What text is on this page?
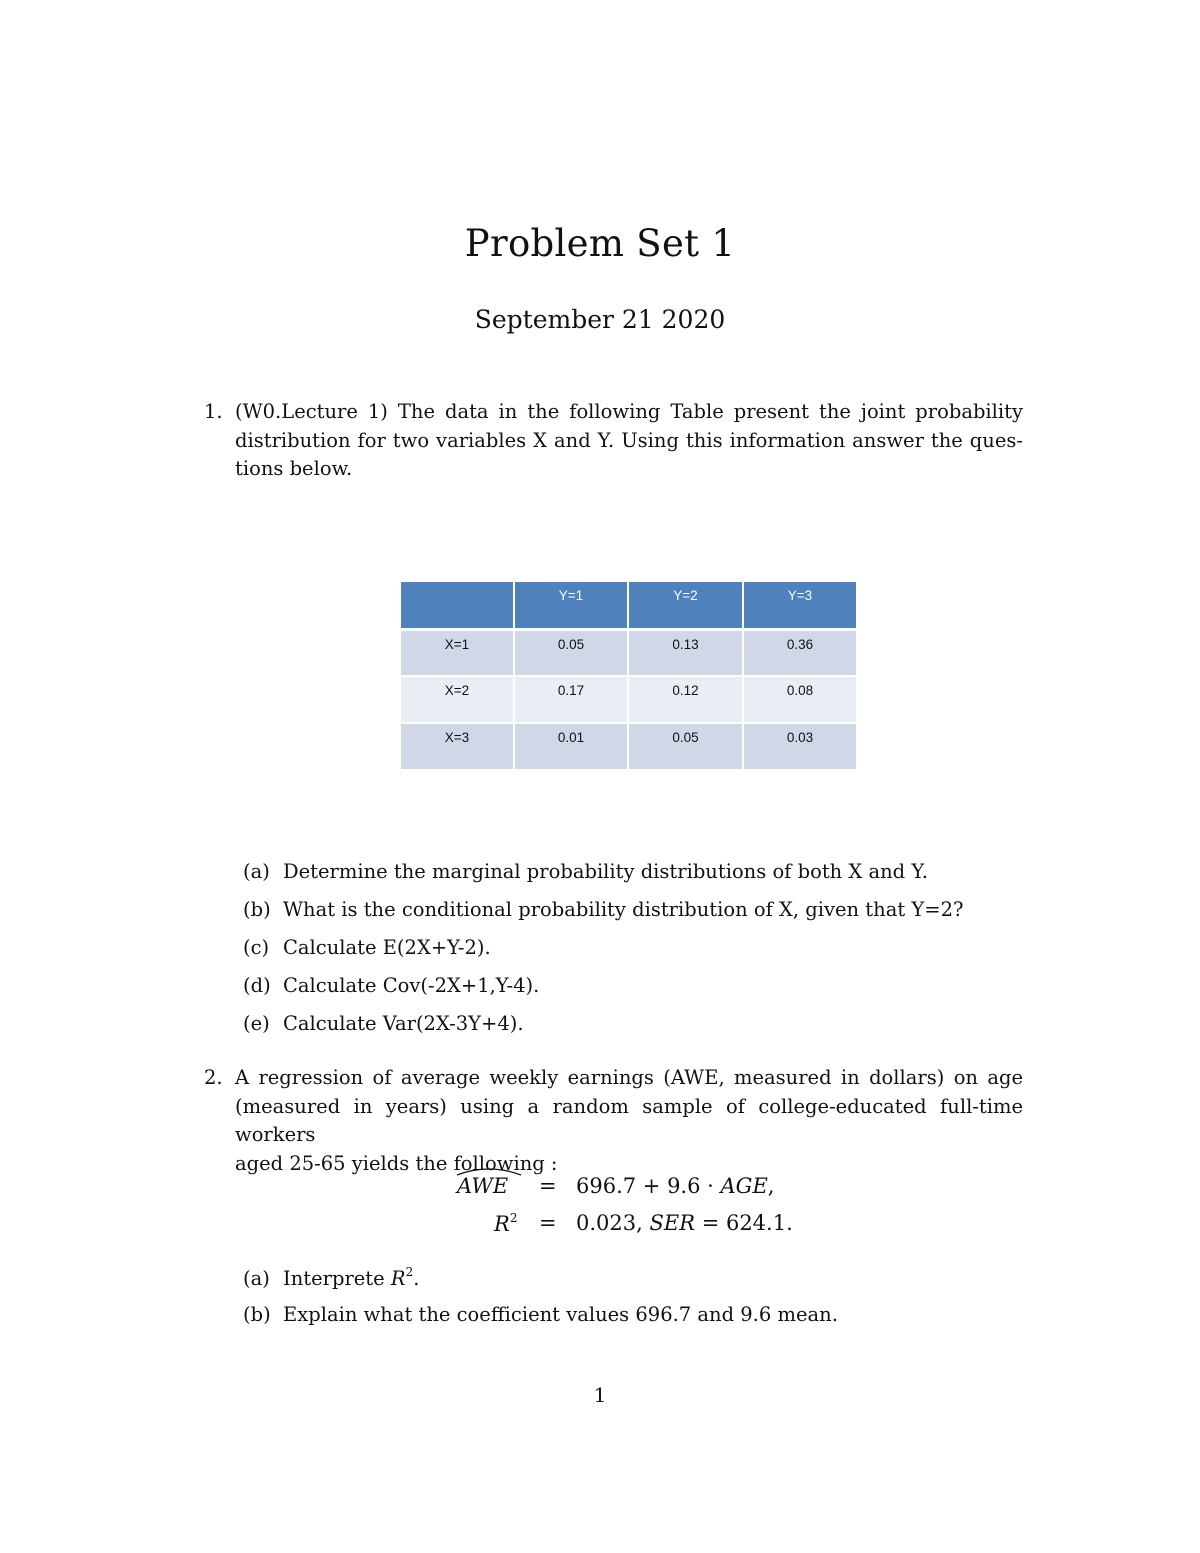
Problem Set 1
September 21 2020
1. (W0.Lecture 1) The data in the following Table present the joint probability
distribution for two variables X and Y. Using this information answer the ques-
tions below.
	Y=1	Y=2	Y=3
X=1	0.05	0.13	0.36
X=2	0.17	0.12	0.08
X=3	0.01	0.05	0.03
(a) Determine the marginal probability distributions of both X and Y.
(b) What is the conditional probability distribution of X, given that Y=2?
(c) Calculate E(2X+Y-2).
(d) Calculate Cov(-2X+1,Y-4).
(e) Calculate Var(2X-3Y+4).
2. A regression of average weekly earnings (AWE, measured in dollars) on age
(measured in years) using a random sample of college-educated full-time workers
aged 25-65 yields the following :
AWE = 696.7 + 9.6 · AGE,
$R^2 = 0.023$, SER = 624.1.
(a) Interprete $R^2$.
(b) Explain what the coefficient values 696.7 and 9.6 mean.
1
